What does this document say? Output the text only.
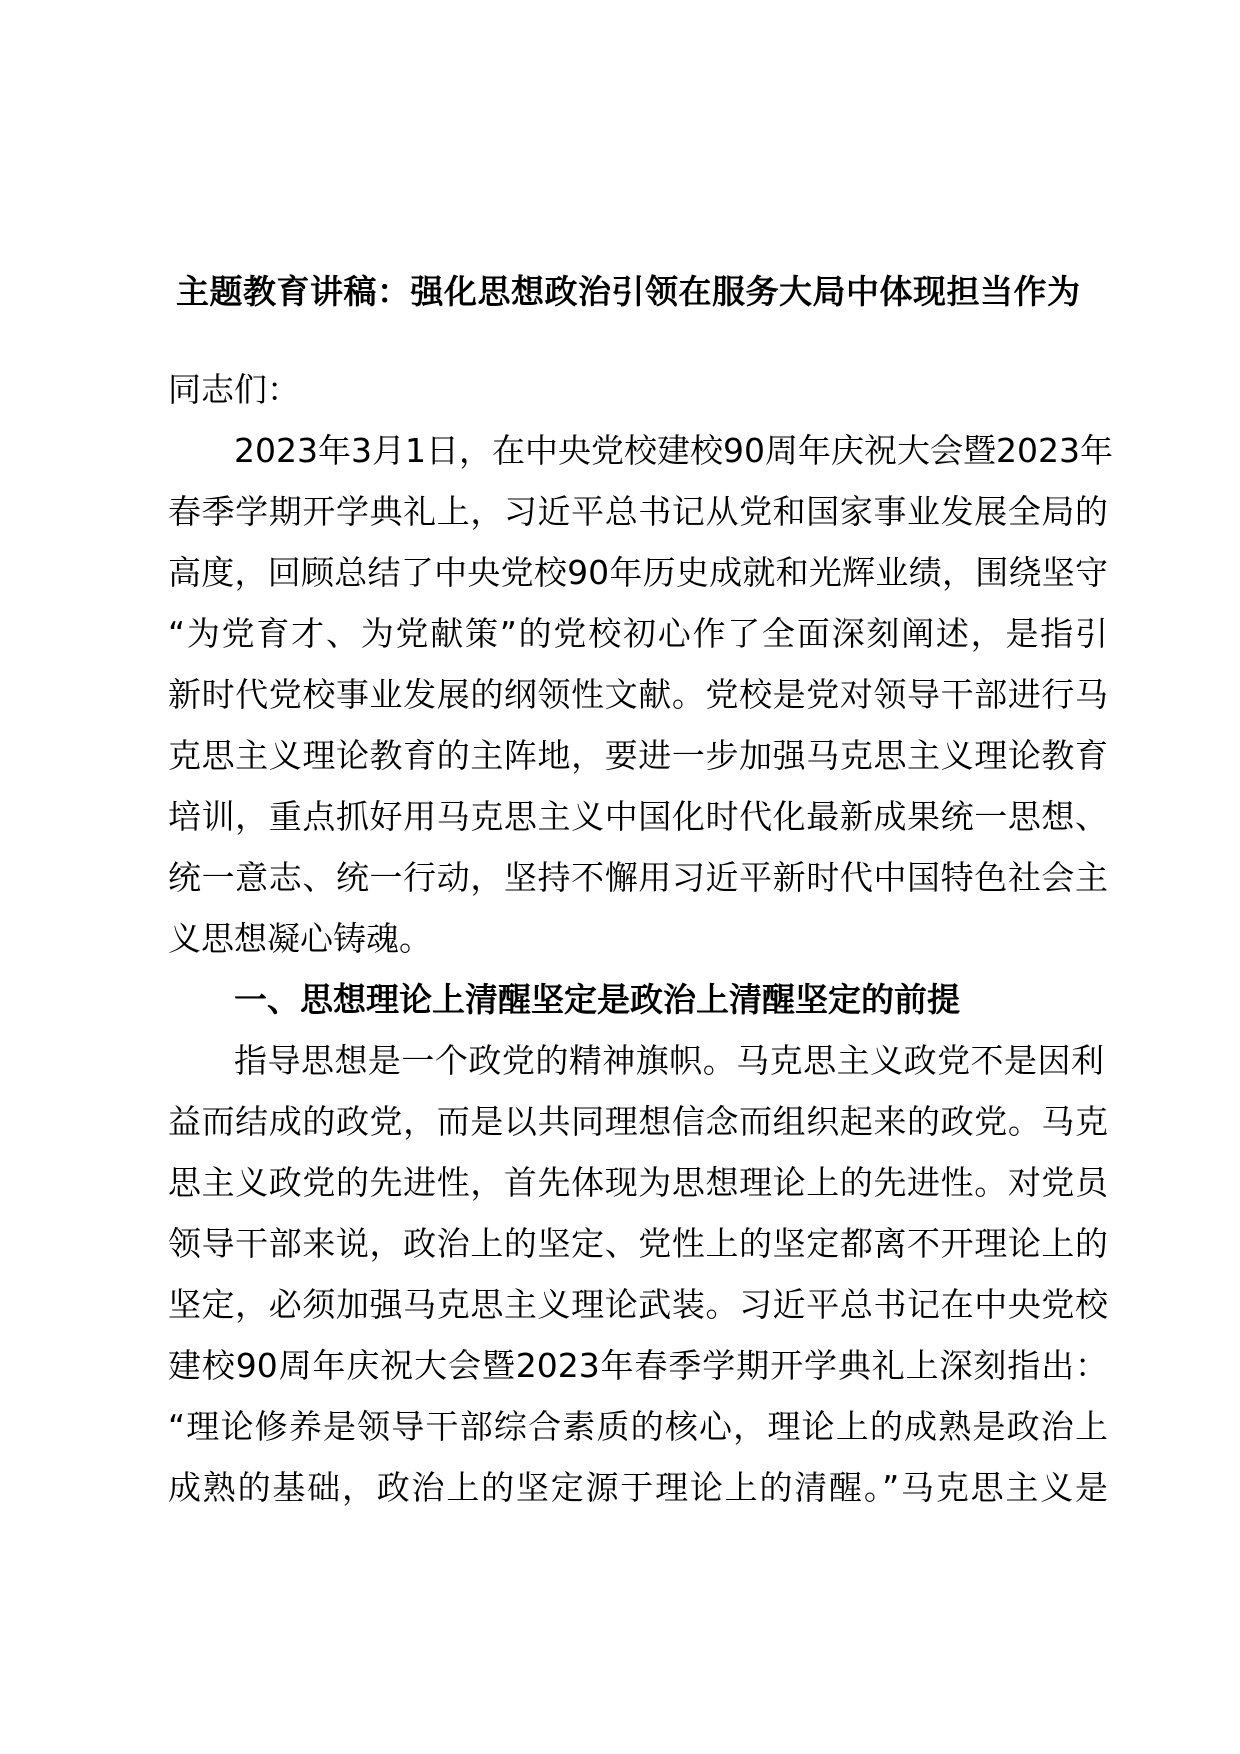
主题教育讲稿：强化思想政治引领在服务大局中体现担当作为
同志们：
2023年3月1日，在中央党校建校90周年庆祝大会暨2023年
春季学期开学典礼上，习近平总书记从党和国家事业发展全局的
高度，回顾总结了中央党校90年历史成就和光辉业绩，围绕坚守
“为党育才、为党献策”的党校初心作了全面深刻阐述，是指引
新时代党校事业发展的纲领性文献。党校是党对领导干部进行马
克思主义理论教育的主阵地，要进一步加强马克思主义理论教育
培训，重点抓好用马克思主义中国化时代化最新成果统一思想、
统一意志、统一行动，坚持不懈用习近平新时代中国特色社会主
义思想凝心铸魂。
一、思想理论上清醒坚定是政治上清醒坚定的前提
指导思想是一个政党的精神旗帜。马克思主义政党不是因利
益而结成的政党，而是以共同理想信念而组织起来的政党。马克
思主义政党的先进性，首先体现为思想理论上的先进性。对党员
领导干部来说，政治上的坚定、党性上的坚定都离不开理论上的
坚定，必须加强马克思主义理论武装。习近平总书记在中央党校
建校90周年庆祝大会暨2023年春季学期开学典礼上深刻指出：
“理论修养是领导干部综合素质的核心，理论上的成熟是政治上
成熟的基础，政治上的坚定源于理论上的清醒。”马克思主义是
